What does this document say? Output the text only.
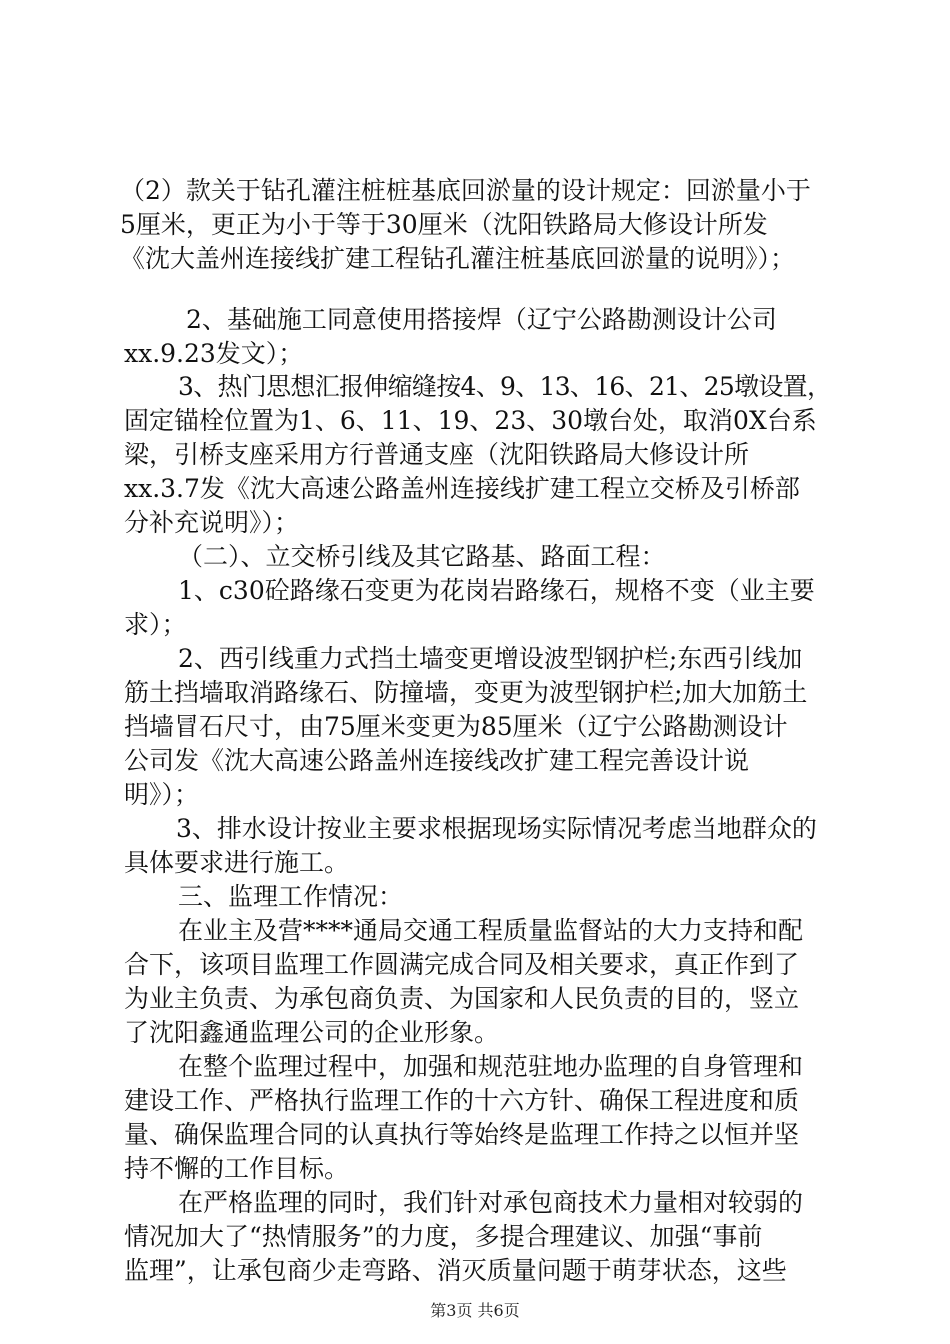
（2）款关于钻孔灌注桩桩基底回淤量的设计规定：回淤量小于
5厘米，更正为小于等于30厘米（沈阳铁路局大修设计所发
《沈大盖州连接线扩建工程钻孔灌注桩基底回淤量的说明》）；
2、基础施工同意使用搭接焊（辽宁公路勘测设计公司
xx.9.23发文）；
3、热门思想汇报伸缩缝按4、9、13、16、21、25墩设置，
固定锚栓位置为1、6、11、19、23、30墩台处，取消0X台系
梁，引桥支座采用方行普通支座（沈阳铁路局大修设计所
xx.3.7发《沈大高速公路盖州连接线扩建工程立交桥及引桥部
分补充说明》）；
（二）、立交桥引线及其它路基、路面工程：
1、c30砼路缘石变更为花岗岩路缘石，规格不变（业主要
求）；
2、西引线重力式挡土墙变更增设波型钢护栏;东西引线加
筋土挡墙取消路缘石、防撞墙，变更为波型钢护栏;加大加筋土
挡墙冒石尺寸，由75厘米变更为85厘米（辽宁公路勘测设计
公司发《沈大高速公路盖州连接线改扩建工程完善设计说
明》）；
3、排水设计按业主要求根据现场实际情况考虑当地群众的
具体要求进行施工。
三、监理工作情况：
在业主及营****通局交通工程质量监督站的大力支持和配
合下，该项目监理工作圆满完成合同及相关要求，真正作到了
为业主负责、为承包商负责、为国家和人民负责的目的，竖立
了沈阳鑫通监理公司的企业形象。
在整个监理过程中，加强和规范驻地办监理的自身管理和
建设工作、严格执行监理工作的十六方针、确保工程进度和质
量、确保监理合同的认真执行等始终是监理工作持之以恒并坚
持不懈的工作目标。
在严格监理的同时，我们针对承包商技术力量相对较弱的
情况加大了“热情服务”的力度，多提合理建议、加强“事前
监理”，让承包商少走弯路、消灭质量问题于萌芽状态，这些
第3页 共6页
